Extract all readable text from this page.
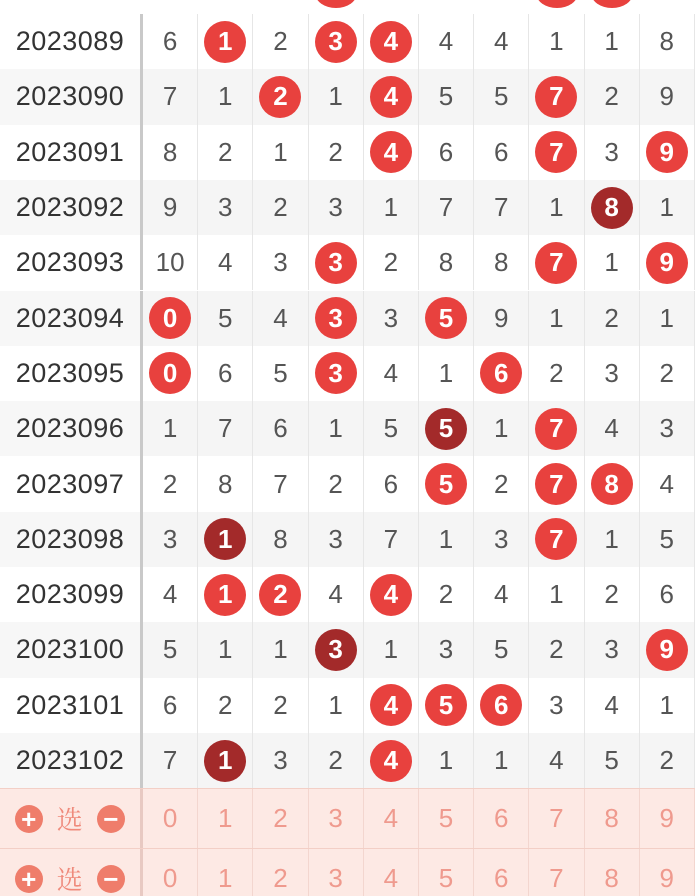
2023089	6	1	2	3	4	4	4	1	1	8
2023090	7	1	2	1	4	5	5	7	2	9
2023091	8	2	1	2	4	6	6	7	3	9
2023092	9	3	2	3	1	7	7	1	8	1
2023093	10	4	3	3	2	8	8	7	1	9
2023094	0	5	4	3	3	5	9	1	2	1
2023095	0	6	5	3	4	1	6	2	3	2
2023096	1	7	6	1	5	5	1	7	4	3
2023097	2	8	7	2	6	5	2	7	8	4
2023098	3	1	8	3	7	1	3	7	1	5
2023099	4	1	2	4	4	2	4	1	2	6
2023100	5	1	1	3	1	3	5	2	3	9
2023101	6	2	2	1	4	5	6	3	4	1
2023102	7	1	3	2	4	1	1	4	5	2
+ 选 −	0	1	2	3	4	5	6	7	8	9
+ 选 −	0	1	2	3	4	5	6	7	8	9
